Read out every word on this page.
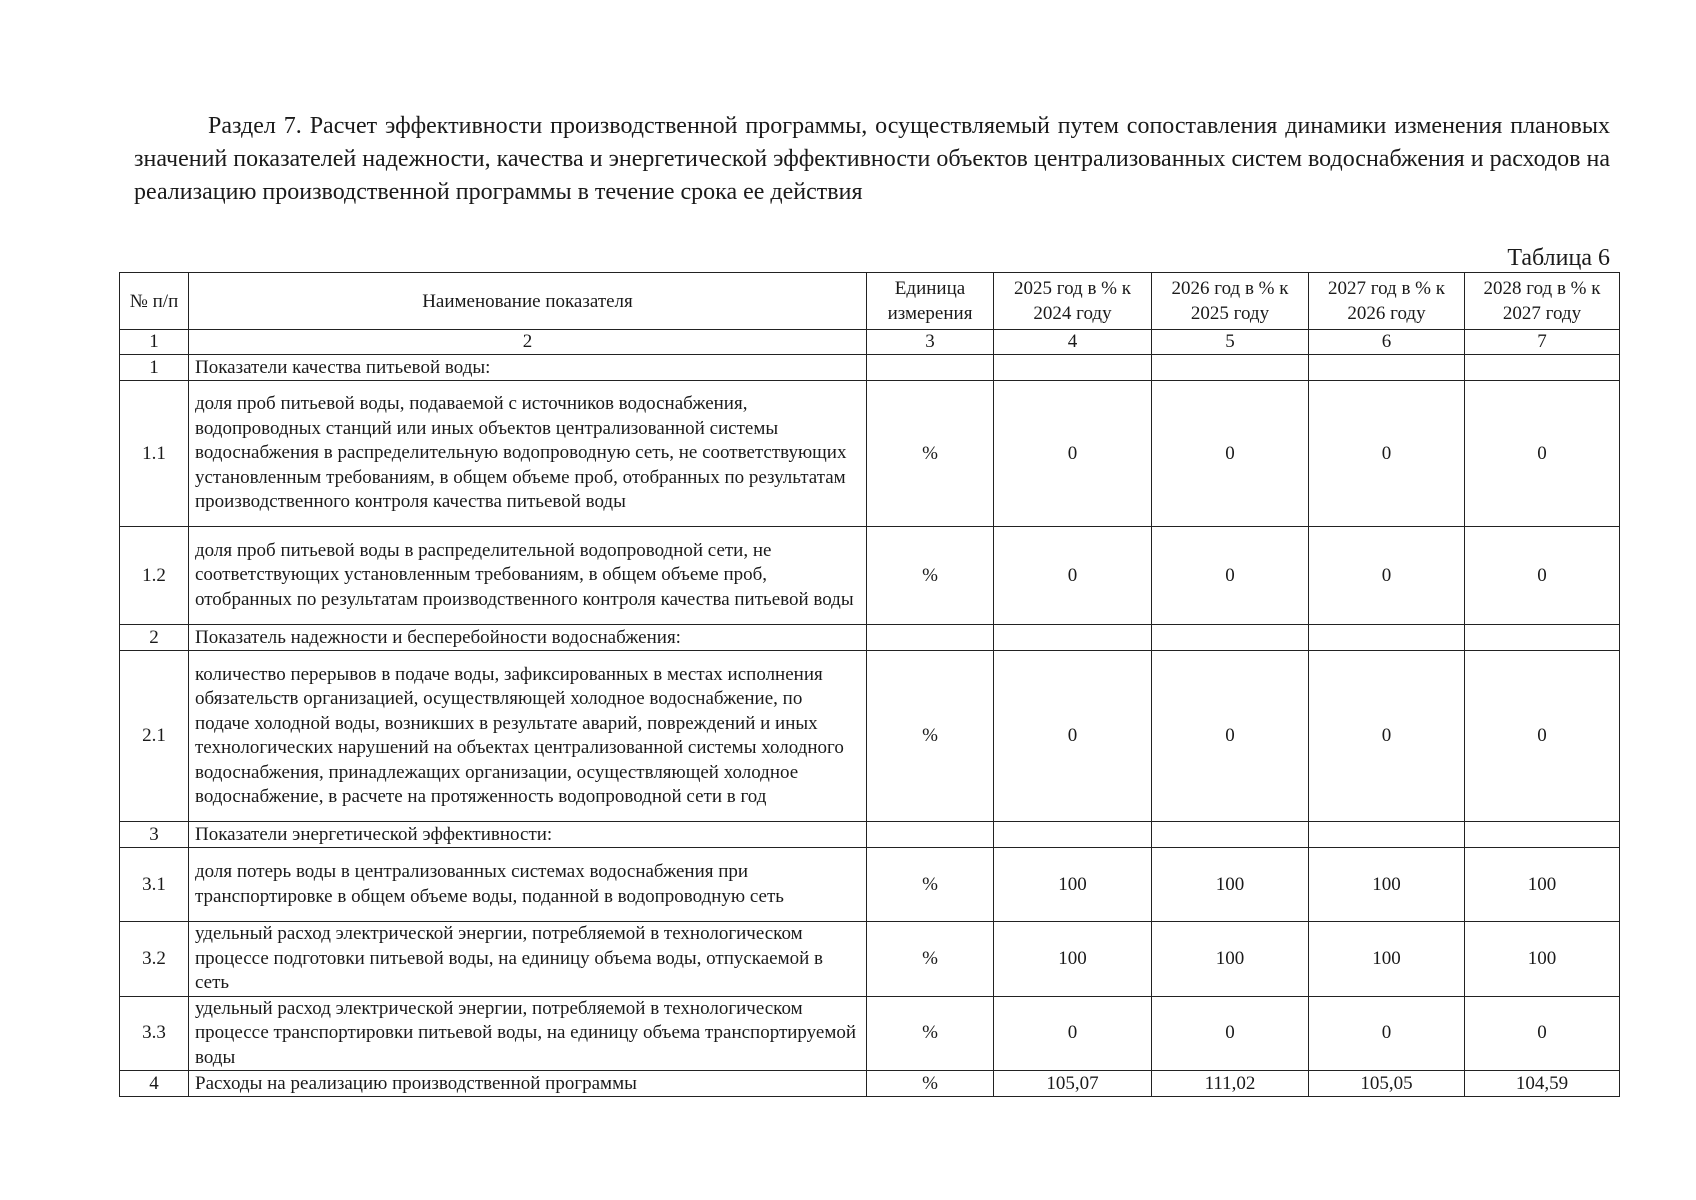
Раздел 7. Расчет эффективности производственной программы, осуществляемый путем сопоставления динамики изменения плановых значений показателей надежности, качества и энергетической эффективности объектов централизованных систем водоснабжения и расходов на реализацию производственной программы в течение срока ее действия
Таблица 6
№ п/п	Наименование показателя	Единица измерения	2025 год в % к 2024 году	2026 год в % к 2025 году	2027 год в % к 2026 году	2028 год в % к 2027 году
1	2	3	4	5	6	7
1	Показатели качества питьевой воды:					
1.1	доля проб питьевой воды, подаваемой с источников водоснабжения, водопроводных станций или иных объектов централизованной системы водоснабжения в распределительную водопроводную сеть, не соответствующих установленным требованиям, в общем объеме проб, отобранных по результатам производственного контроля качества питьевой воды	%	0	0	0	0
1.2	доля проб питьевой воды в распределительной водопроводной сети, не соответствующих установленным требованиям, в общем объеме проб, отобранных по результатам производственного контроля качества питьевой воды	%	0	0	0	0
2	Показатель надежности и бесперебойности водоснабжения:					
2.1	количество перерывов в подаче воды, зафиксированных в местах исполнения обязательств организацией, осуществляющей холодное водоснабжение, по подаче холодной воды, возникших в результате аварий, повреждений и иных технологических нарушений на объектах централизованной системы холодного водоснабжения, принадлежащих организации, осуществляющей холодное водоснабжение, в расчете на протяженность водопроводной сети в год	%	0	0	0	0
3	Показатели энергетической эффективности:					
3.1	доля потерь воды в централизованных системах водоснабжения при транспортировке в общем объеме воды, поданной в водопроводную сеть	%	100	100	100	100
3.2	удельный расход электрической энергии, потребляемой в технологическом процессе подготовки питьевой воды, на единицу объема воды, отпускаемой в сеть	%	100	100	100	100
3.3	удельный расход электрической энергии, потребляемой в технологическом процессе транспортировки питьевой воды, на единицу объема транспортируемой воды	%	0	0	0	0
4	Расходы на реализацию производственной программы	%	105,07	111,02	105,05	104,59
